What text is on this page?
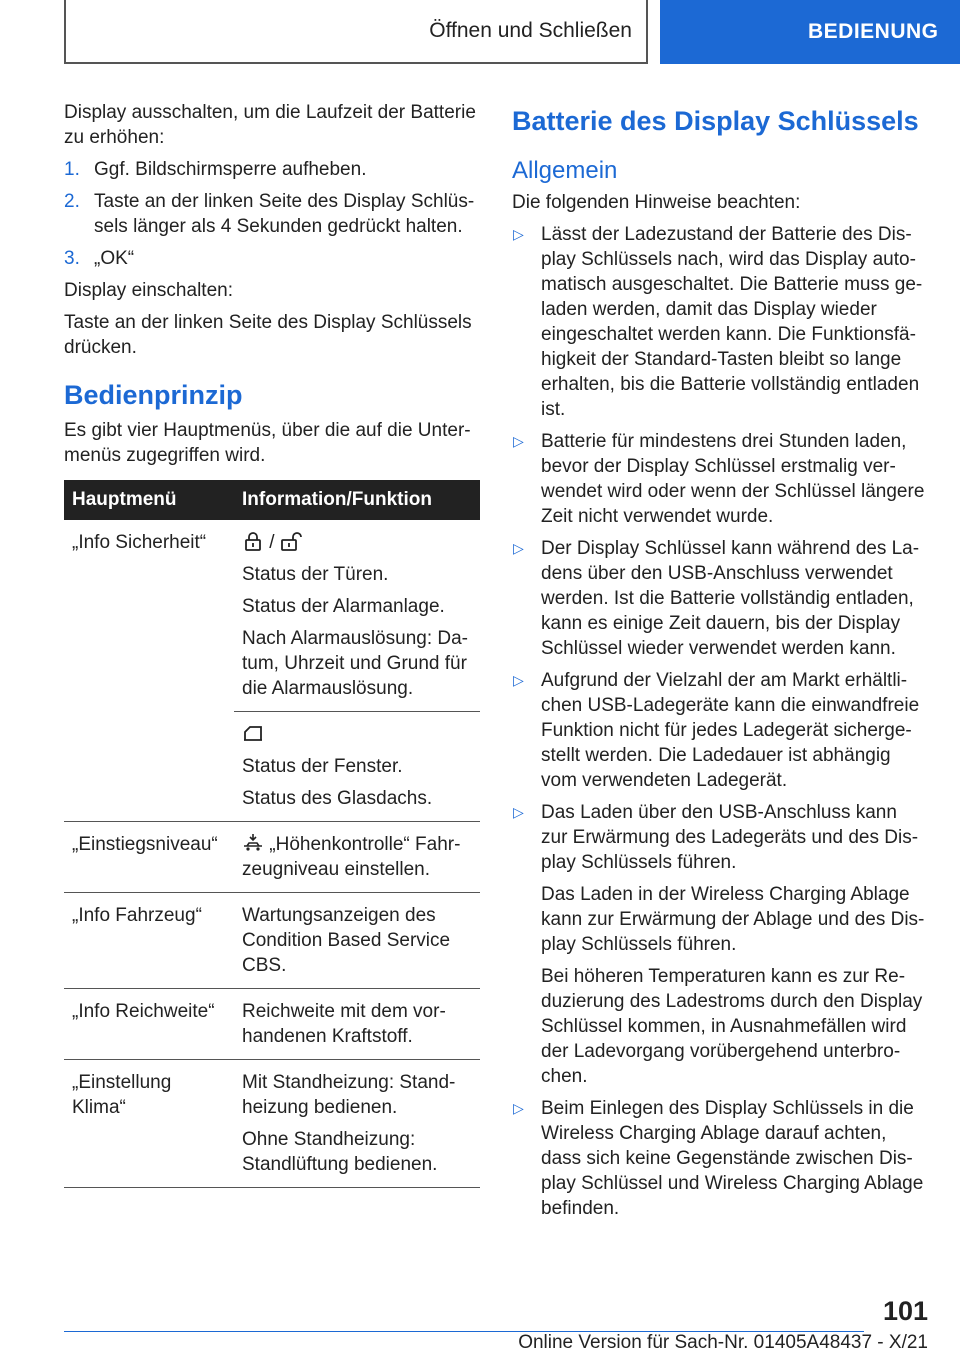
Öffnen und Schließen	BEDIENUNG

Display ausschalten, um die Laufzeit der Batterie zu erhöhen:

1. Ggf. Bildschirmsperre aufheben.
2. Taste an der linken Seite des Display Schlüssels länger als 4 Sekunden gedrückt halten.
3. „OK“

Display einschalten:

Taste an der linken Seite des Display Schlüssels drücken.

Bedienprinzip

Es gibt vier Hauptmenüs, über die auf die Untermenüs zugegriffen wird.

Hauptmenü	Information/Funktion
„Info Sicherheit“	/

Status der Türen.

Status der Alarmanlage.

Nach Alarmauslösung: Datum, Uhrzeit und Grund für die Alarmauslösung.

	Status der Fenster.

Status des Glasdachs.

„Einstiegsniveau“	„Höhenkontrolle“ Fahrzeugniveau einstellen.
„Info Fahrzeug“	Wartungsanzeigen des Condition Based Service CBS.
„Info Reichweite“	Reichweite mit dem vorhandenen Kraftstoff.
„Einstellung Klima“	Mit Standheizung: Standheizung bedienen.

Ohne Standheizung: Standlüftung bedienen.

Batterie des Display Schlüssels
Allgemein

Die folgenden Hinweise beachten:

▷ Lässt der Ladezustand der Batterie des Display Schlüssels nach, wird das Display automatisch ausgeschaltet. Die Batterie muss geladen werden, damit das Display wieder eingeschaltet werden kann. Die Funktionsfähigkeit der Standard-Tasten bleibt so lange erhalten, bis die Batterie vollständig entladen ist.
▷ Batterie für mindestens drei Stunden laden, bevor der Display Schlüssel erstmalig verwendet wird oder wenn der Schlüssel längere Zeit nicht verwendet wurde.
▷ Der Display Schlüssel kann während des Ladens über den USB-Anschluss verwendet werden. Ist die Batterie vollständig entladen, kann es einige Zeit dauern, bis der Display Schlüssel wieder verwendet werden kann.
▷ Aufgrund der Vielzahl der am Markt erhältlichen USB-Ladegeräte kann die einwandfreie Funktion nicht für jedes Ladegerät sichergestellt werden. Die Ladedauer ist abhängig vom verwendeten Ladegerät.
▷ Das Laden über den USB-Anschluss kann zur Erwärmung des Ladegeräts und des Display Schlüssels führen.

Das Laden in der Wireless Charging Ablage kann zur Erwärmung der Ablage und des Display Schlüssels führen.

Bei höheren Temperaturen kann es zur Reduzierung des Ladestroms durch den Display Schlüssel kommen, in Ausnahmefällen wird der Ladevorgang vorübergehend unterbrochen.

▷ Beim Einlegen des Display Schlüssels in die Wireless Charging Ablage darauf achten, dass sich keine Gegenstände zwischen Display Schlüssel und Wireless Charging Ablage befinden.
101
Online Version für Sach-Nr. 01405A48437 - X/21
